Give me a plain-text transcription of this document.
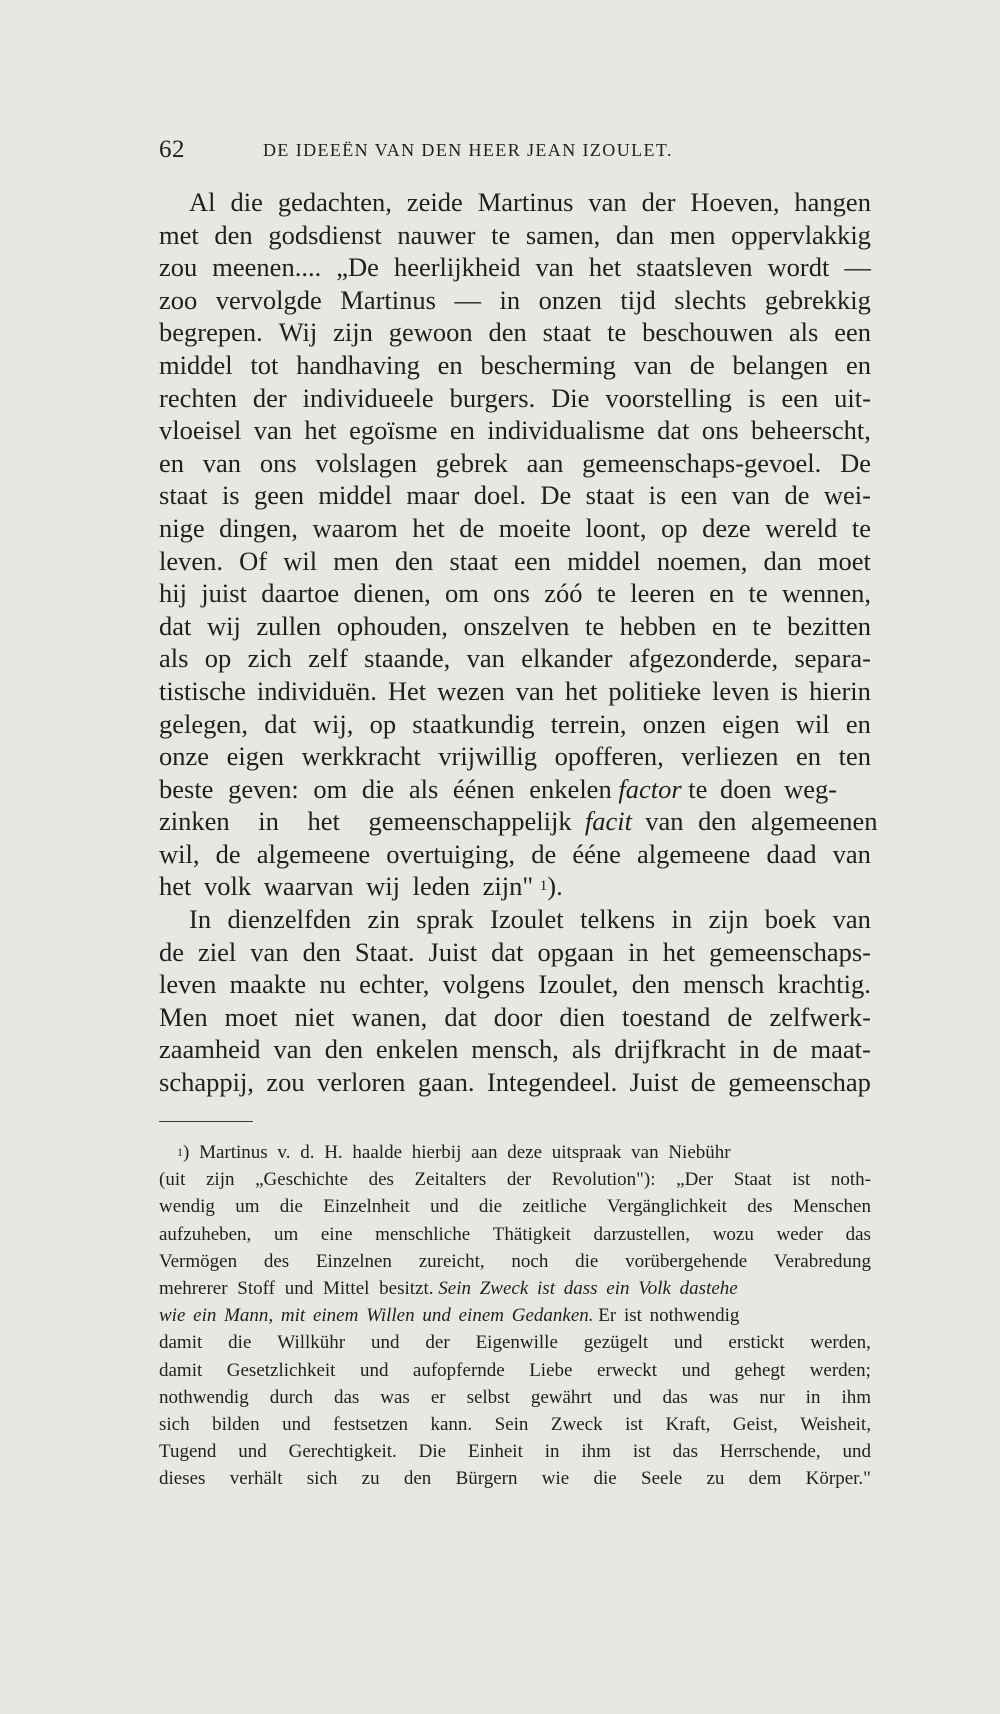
62	DE IDEEËN VAN DEN HEER JEAN IZOULET.
Al die gedachten, zeide Martinus van der Hoeven, hangen
met den godsdienst nauwer te samen, dan men oppervlakkig
zou meenen.... „De heerlijkheid van het staatsleven wordt —
zoo vervolgde Martinus — in onzen tijd slechts gebrekkig
begrepen. Wij zijn gewoon den staat te beschouwen als een
middel tot handhaving en bescherming van de belangen en
rechten der individueele burgers. Die voorstelling is een uit-
vloeisel van het egoïsme en individualisme dat ons beheerscht,
en van ons volslagen gebrek aan gemeenschaps-gevoel. De
staat is geen middel maar doel. De staat is een van de wei-
nige dingen, waarom het de moeite loont, op deze wereld te
leven. Of wil men den staat een middel noemen, dan moet
hij juist daartoe dienen, om ons zóó te leeren en te wennen,
dat wij zullen ophouden, onszelven te hebben en te bezitten
als op zich zelf staande, van elkander afgezonderde, separa-
tistische individuën. Het wezen van het politieke leven is hierin
gelegen, dat wij, op staatkundig terrein, onzen eigen wil en
onze eigen werkkracht vrijwillig opofferen, verliezen en ten
beste geven: om die als éénen enkelen
factor
te doen weg-
zinken in het gemeenschappelijk
facit
van den algemeenen
wil, de algemeene overtuiging, de ééne algemeene daad van
het volk waarvan wij leden zijn"
1 ).
In dienzelfden zin sprak Izoulet telkens in zijn boek van
de ziel van den Staat. Juist dat opgaan in het gemeenschaps-
leven maakte nu echter, volgens Izoulet, den mensch krachtig.
Men moet niet wanen, dat door dien toestand de zelfwerk-
zaamheid van den enkelen mensch, als drijfkracht in de maat-
schappij, zou verloren gaan. Integendeel. Juist de gemeenschap
1 ) Martinus v. d. H. haalde hierbij aan deze uitspraak van Niebühr
(uit zijn „Geschichte des Zeitalters der Revolution"): „Der Staat ist noth-
wendig um die Einzelnheit und die zeitliche Vergänglichkeit des Menschen
aufzuheben, um eine menschliche Thätigkeit darzustellen, wozu weder das
Vermögen des Einzelnen zureicht, noch die vorübergehende Verabredung
mehrerer Stoff und Mittel besitzt.
Sein Zweck ist dass ein Volk dastehe
wie ein Mann, mit einem Willen und einem Gedanken.
Er ist nothwendig
damit die Willkühr und der Eigenwille gezügelt und erstickt werden,
damit Gesetzlichkeit und aufopfernde Liebe erweckt und gehegt werden;
nothwendig durch das was er selbst gewährt und das was nur in ihm
sich bilden und festsetzen kann. Sein Zweck ist Kraft, Geist, Weisheit,
Tugend und Gerechtigkeit. Die Einheit in ihm ist das Herrschende, und
dieses verhält sich zu den Bürgern wie die Seele zu dem Körper."
